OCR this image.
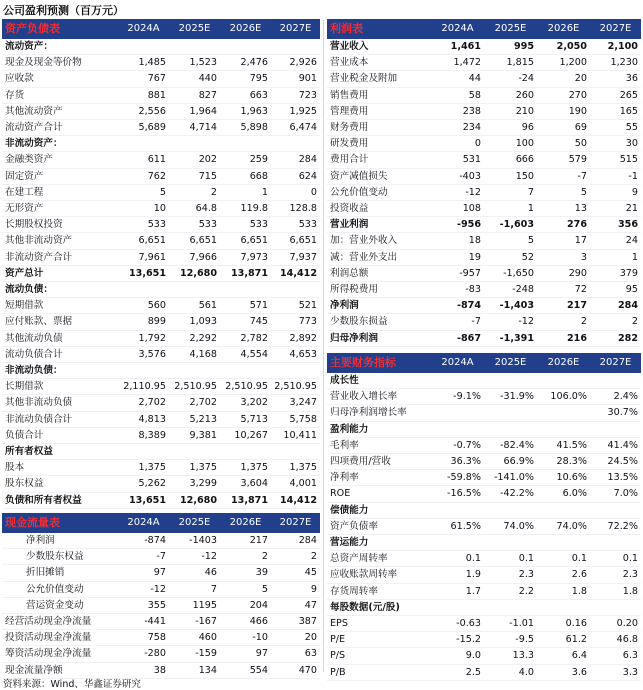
公司盈利预测（百万元）
资产负债表	2024A	2025E	2026E	2027E
流动资产：				
现金及现金等价物	1,485	1,523	2,476	2,926
应收款	767	440	795	901
存货	881	827	663	723
其他流动资产	2,556	1,964	1,963	1,925
流动资产合计	5,689	4,714	5,898	6,474
非流动资产：				
金融类资产	611	202	259	284
固定资产	762	715	668	624
在建工程	5	2	1	0
无形资产	10	64.8	119.8	128.8
长期股权投资	533	533	533	533
其他非流动资产	6,651	6,651	6,651	6,651
非流动资产合计	7,961	7,966	7,973	7,937
资产总计	13,651	12,680	13,871	14,412
流动负债：				
短期借款	560	561	571	521
应付账款、票据	899	1,093	745	773
其他流动负债	1,792	2,292	2,782	2,892
流动负债合计	3,576	4,168	4,554	4,653
非流动负债：				
长期借款	2,110.95	2,510.95	2,510.95	2,510.95
其他非流动负债	2,702	2,702	3,202	3,247
非流动负债合计	4,813	5,213	5,713	5,758
负债合计	8,389	9,381	10,267	10,411
所有者权益				
股本	1,375	1,375	1,375	1,375
股东权益	5,262	3,299	3,604	4,001
负债和所有者权益	13,651	12,680	13,871	14,412
现金流量表	2024A	2025E	2026E	2027E
净利润	-874	-1403	217	284
少数股东权益	-7	-12	2	2
折旧摊销	97	46	39	45
公允价值变动	-12	7	5	9
营运资金变动	355	1195	204	47
经营活动现金净流量	-441	-167	466	387
投资活动现金净流量	758	460	-10	20
筹资活动现金净流量	-280	-159	97	63
现金流量净额	38	134	554	470
利润表	2024A	2025E	2026E	2027E
营业收入	1,461	995	2,050	2,100
营业成本	1,472	1,815	1,200	1,230
营业税金及附加	44	-24	20	36
销售费用	58	260	270	265
管理费用	238	210	190	165
财务费用	234	96	69	55
研发费用	0	100	50	30
费用合计	531	666	579	515
资产减值损失	-403	150	-7	-1
公允价值变动	-12	7	5	9
投资收益	108	1	13	21
营业利润	-956	-1,603	276	356
加：营业外收入	18	5	17	24
减：营业外支出	19	52	3	1
利润总额	-957	-1,650	290	379
所得税费用	-83	-248	72	95
净利润	-874	-1,403	217	284
少数股东损益	-7	-12	2	2
归母净利润	-867	-1,391	216	282
主要财务指标	2024A	2025E	2026E	2027E
成长性				
营业收入增长率	-9.1%	-31.9%	106.0%	2.4%
归母净利润增长率				30.7%
盈利能力				
毛利率	-0.7%	-82.4%	41.5%	41.4%
四项费用/营收	36.3%	66.9%	28.3%	24.5%
净利率	-59.8%	-141.0%	10.6%	13.5%
ROE	-16.5%	-42.2%	6.0%	7.0%
偿债能力				
资产负债率	61.5%	74.0%	74.0%	72.2%
营运能力				
总资产周转率	0.1	0.1	0.1	0.1
应收账款周转率	1.9	2.3	2.6	2.3
存货周转率	1.7	2.2	1.8	1.8
每股数据(元/股)				
EPS	-0.63	-1.01	0.16	0.20
P/E	-15.2	-9.5	61.2	46.8
P/S	9.0	13.3	6.4	6.3
P/B	2.5	4.0	3.6	3.3
资料来源：Wind、华鑫证券研究
